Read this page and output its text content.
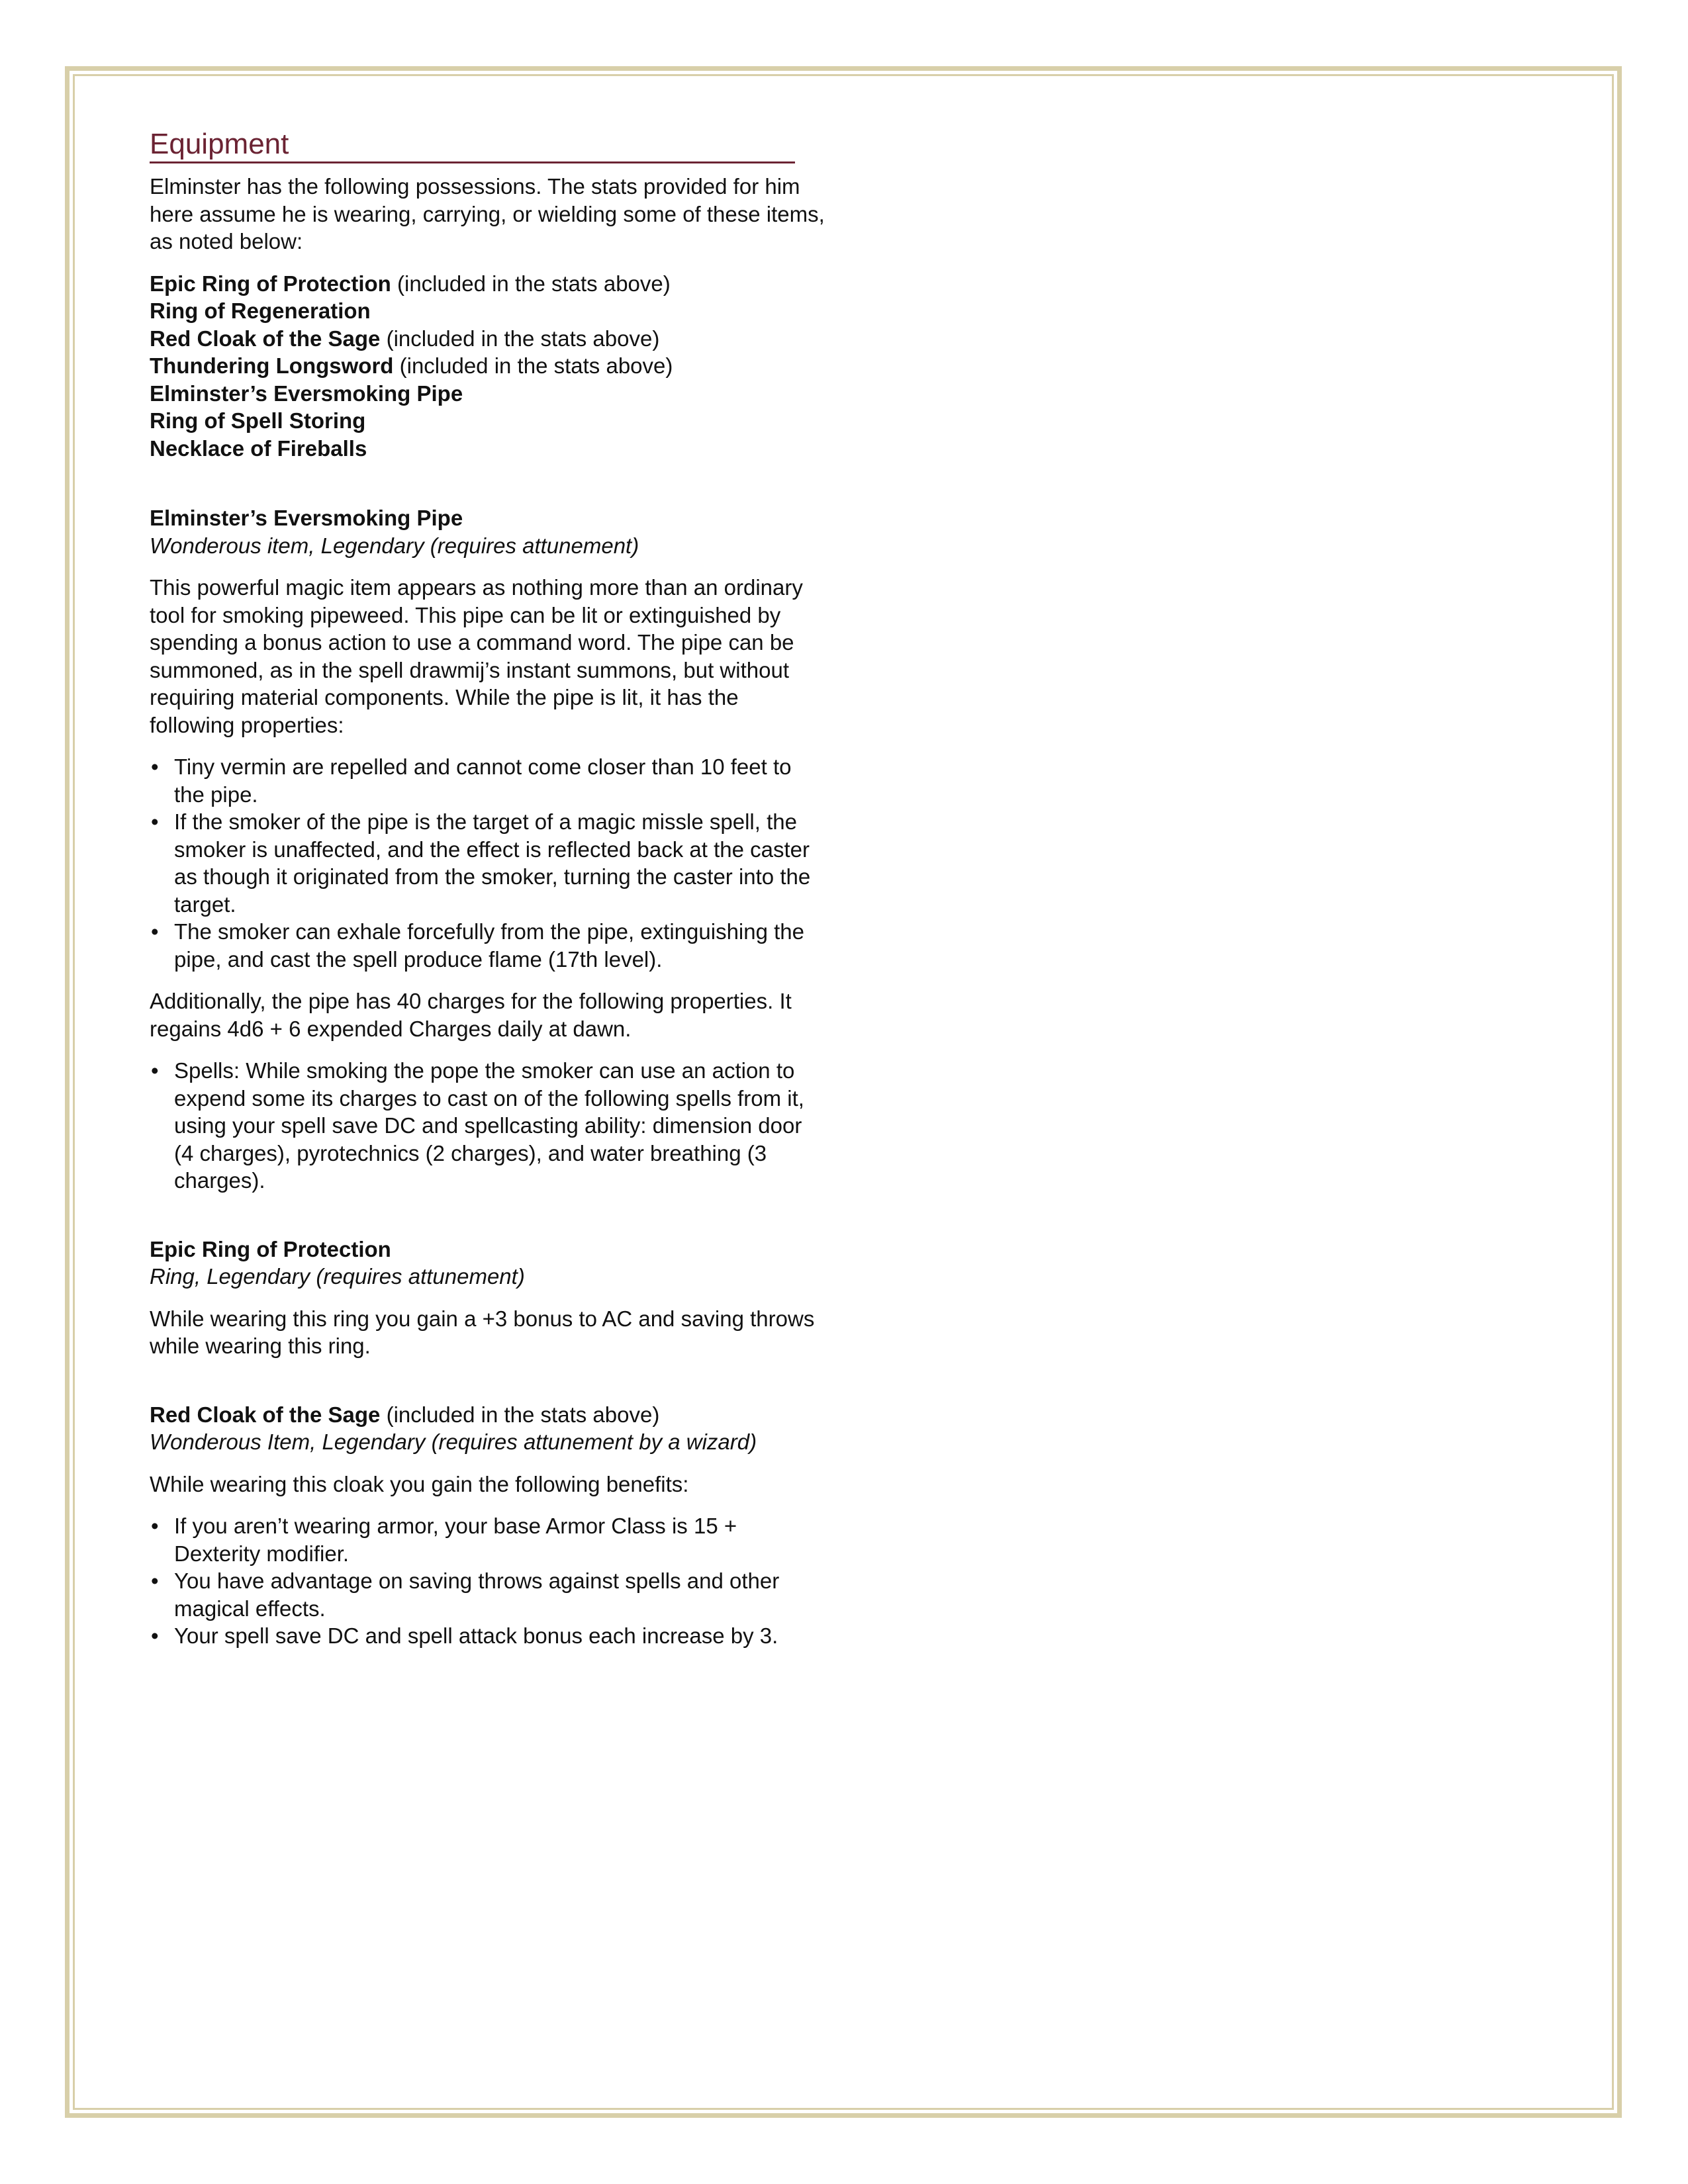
Equipment

Elminster has the following possessions. The stats provided for him here assume he is wearing, carrying, or wielding some of these items, as noted below:

Epic Ring of Protection (included in the stats above)
Ring of Regeneration
Red Cloak of the Sage (included in the stats above)
Thundering Longsword (included in the stats above)
Elminster’s Eversmoking Pipe
Ring of Spell Storing
Necklace of Fireballs

Elminster’s Eversmoking Pipe

Wonderous item, Legendary (requires attunement)

This powerful magic item appears as nothing more than an ordinary tool for smoking pipeweed. This pipe can be lit or extinguished by spending a bonus action to use a command word. The pipe can be summoned, as in the spell drawmij’s instant summons, but without requiring material components. While the pipe is lit, it has the following properties:

• Tiny vermin are repelled and cannot come closer than 10 feet to the pipe.
• If the smoker of the pipe is the target of a magic missle spell, the smoker is unaffected, and the effect is reflected back at the caster as though it originated from the smoker, turning the caster into the target.
• The smoker can exhale forcefully from the pipe, extinguishing the pipe, and cast the spell produce flame (17th level).

Additionally, the pipe has 40 charges for the following properties. It regains 4d6 + 6 expended Charges daily at dawn.

• Spells: While smoking the pope the smoker can use an action to expend some its charges to cast on of the following spells from it, using your spell save DC and spellcasting ability: dimension door (4 charges), pyrotechnics (2 charges), and water breathing (3 charges).

Epic Ring of Protection

Ring, Legendary (requires attunement)

While wearing this ring you gain a +3 bonus to AC and saving throws while wearing this ring.

Red Cloak of the Sage (included in the stats above)

Wonderous Item, Legendary (requires attunement by a wizard)

While wearing this cloak you gain the following benefits:

• If you aren’t wearing armor, your base Armor Class is 15 + Dexterity modifier.
• You have advantage on saving throws against spells and other magical effects.
• Your spell save DC and spell attack bonus each increase by 3.
